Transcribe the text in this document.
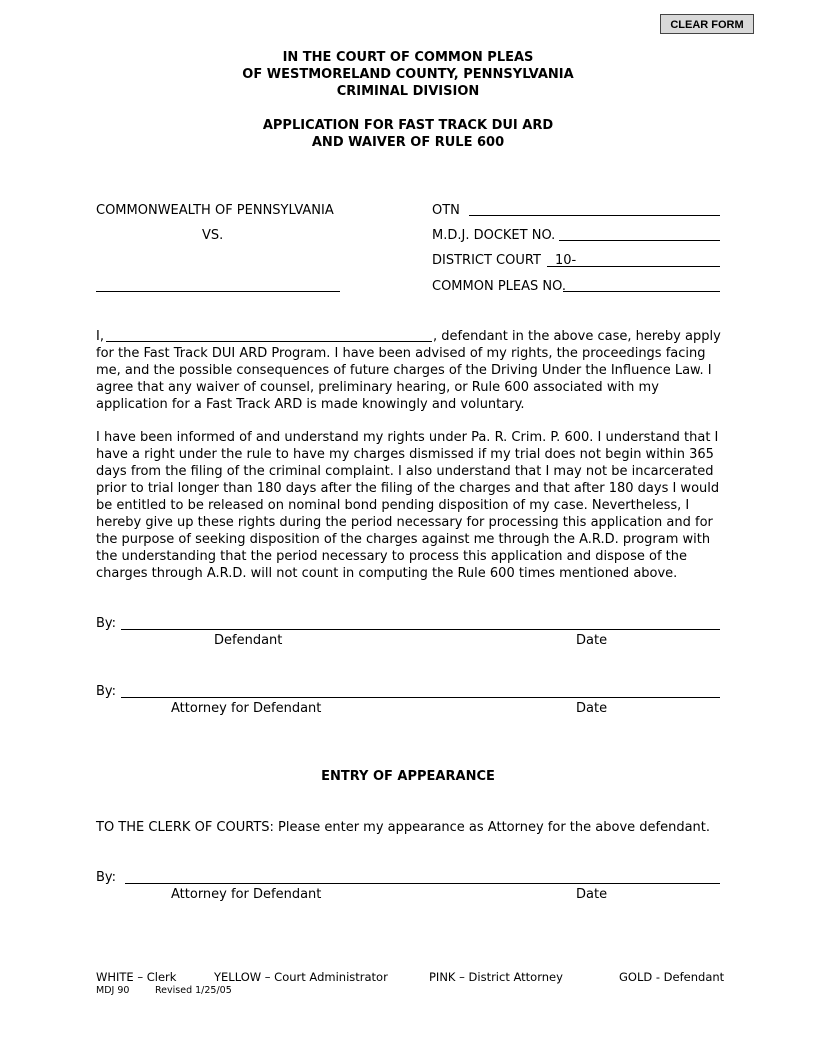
CLEAR FORM
IN THE COURT OF COMMON PLEAS
OF WESTMORELAND COUNTY, PENNSYLVANIA
CRIMINAL DIVISION
APPLICATION FOR FAST TRACK DUI ARD
AND WAIVER OF RULE 600
COMMONWEALTH OF PENNSYLVANIA
VS.
OTN
M.D.J. DOCKET NO.
DISTRICT COURT 10-
COMMON PLEAS NO.
I,	, defendant in the above case, hereby apply
for the Fast Track DUI ARD Program. I have been advised of my rights, the proceedings facing me, and the possible consequences of future charges of the Driving Under the Influence Law. I agree that any waiver of counsel, preliminary hearing, or Rule 600 associated with my application for a Fast Track ARD is made knowingly and voluntary.
I have been informed of and understand my rights under Pa. R. Crim. P. 600. I understand that I have a right under the rule to have my charges dismissed if my trial does not begin within 365 days from the filing of the criminal complaint. I also understand that I may not be incarcerated prior to trial longer than 180 days after the filing of the charges and that after 180 days I would be entitled to be released on nominal bond pending disposition of my case. Nevertheless, I hereby give up these rights during the period necessary for processing this application and for the purpose of seeking disposition of the charges against me through the A.R.D. program with the understanding that the period necessary to process this application and dispose of the charges through A.R.D. will not count in computing the Rule 600 times mentioned above.
By:
Defendant	Date
By:
Attorney for Defendant	Date
ENTRY OF APPEARANCE
TO THE CLERK OF COURTS: Please enter my appearance as Attorney for the above defendant.
By:
Attorney for Defendant	Date
WHITE – Clerk	YELLOW – Court Administrator	PINK – District Attorney	GOLD - Defendant
MDJ 90	Revised 1/25/05
